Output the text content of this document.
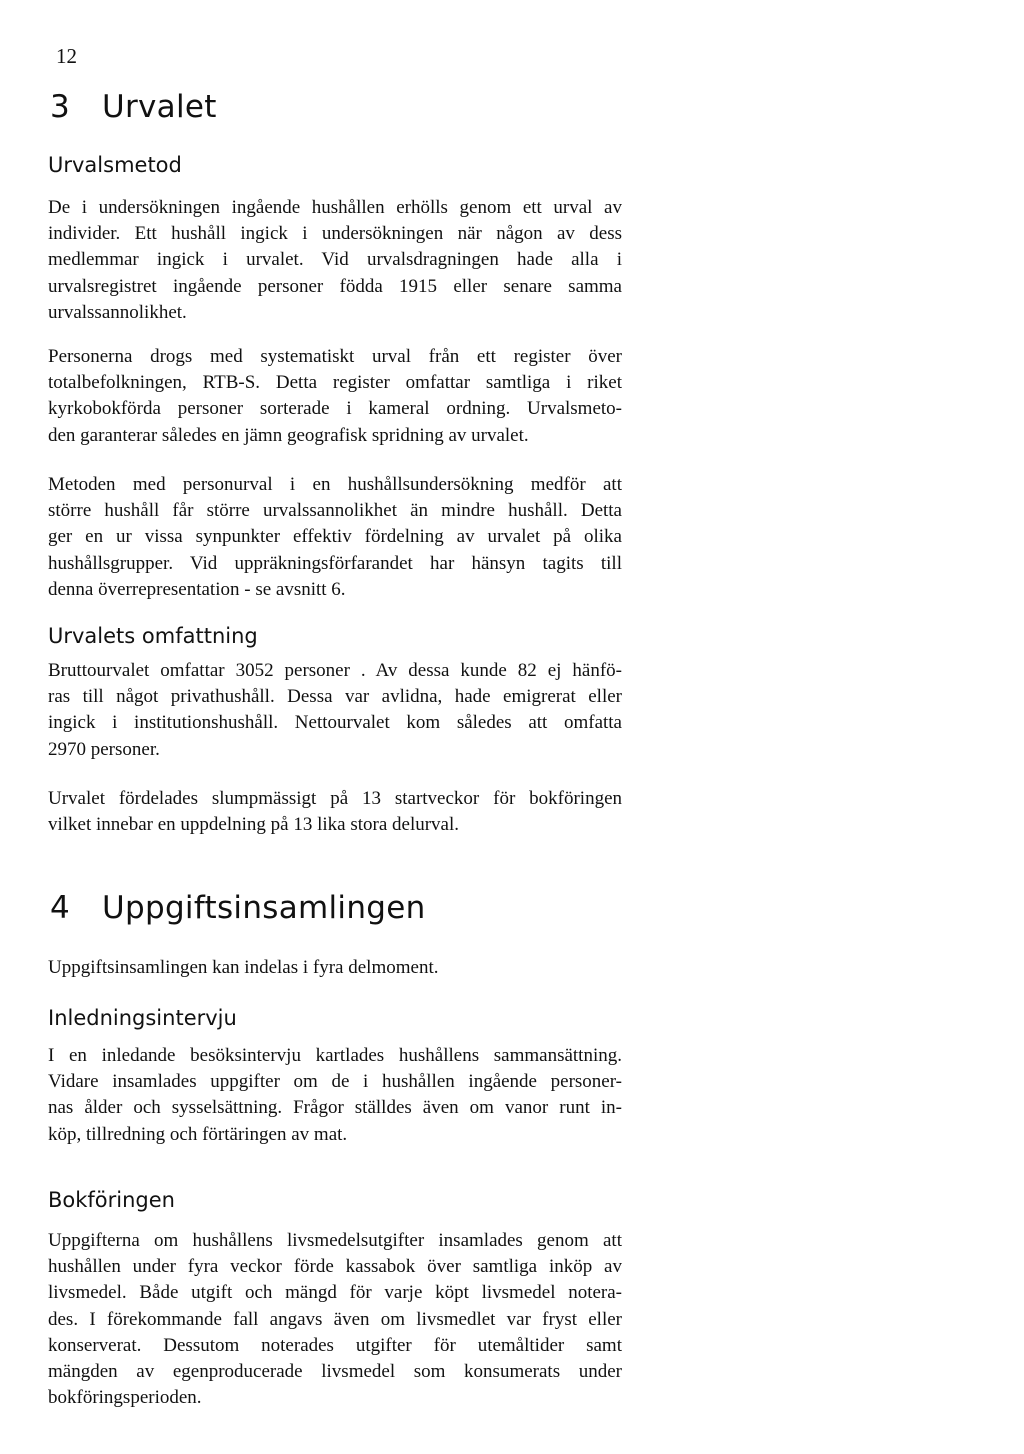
12
3 Urvalet
Urvalsmetod

De i undersökningen ingående hushållen erhölls genom ett urval av
individer. Ett hushåll ingick i undersökningen när någon av dess
medlemmar ingick i urvalet. Vid urvalsdragningen hade alla i
urvalsregistret ingående personer födda 1915 eller senare samma
urvalssannolikhet.

Personerna drogs med systematiskt urval från ett register över
totalbefolkningen, RTB-S. Detta register omfattar samtliga i riket
kyrkobokförda personer sorterade i kameral ordning. Urvalsmeto-
den garanterar således en jämn geografisk spridning av urvalet.

Metoden med personurval i en hushållsundersökning medför att
större hushåll får större urvalssannolikhet än mindre hushåll. Detta
ger en ur vissa synpunkter effektiv fördelning av urvalet på olika
hushållsgrupper. Vid uppräkningsförfarandet har hänsyn tagits till
denna överrepresentation - se avsnitt 6.

Urvalets omfattning

Bruttourvalet omfattar 3052 personer . Av dessa kunde 82 ej hänfö-
ras till något privathushåll. Dessa var avlidna, hade emigrerat eller
ingick i institutionshushåll. Nettourvalet kom således att omfatta
2970 personer.

Urvalet fördelades slumpmässigt på 13 startveckor för bokföringen
vilket innebar en uppdelning på 13 lika stora delurval.

4 Uppgiftsinsamlingen

Uppgiftsinsamlingen kan indelas i fyra delmoment.

Inledningsintervju

I en inledande besöksintervju kartlades hushållens sammansättning.
Vidare insamlades uppgifter om de i hushållen ingående personer-
nas ålder och sysselsättning. Frågor ställdes även om vanor runt in-
köp, tillredning och förtäringen av mat.

Bokföringen

Uppgifterna om hushållens livsmedelsutgifter insamlades genom att
hushållen under fyra veckor förde kassabok över samtliga inköp av
livsmedel. Både utgift och mängd för varje köpt livsmedel notera-
des. I förekommande fall angavs även om livsmedlet var fryst eller
konserverat. Dessutom noterades utgifter för utemåltider samt
mängden av egenproducerade livsmedel som konsumerats under
bokföringsperioden.
